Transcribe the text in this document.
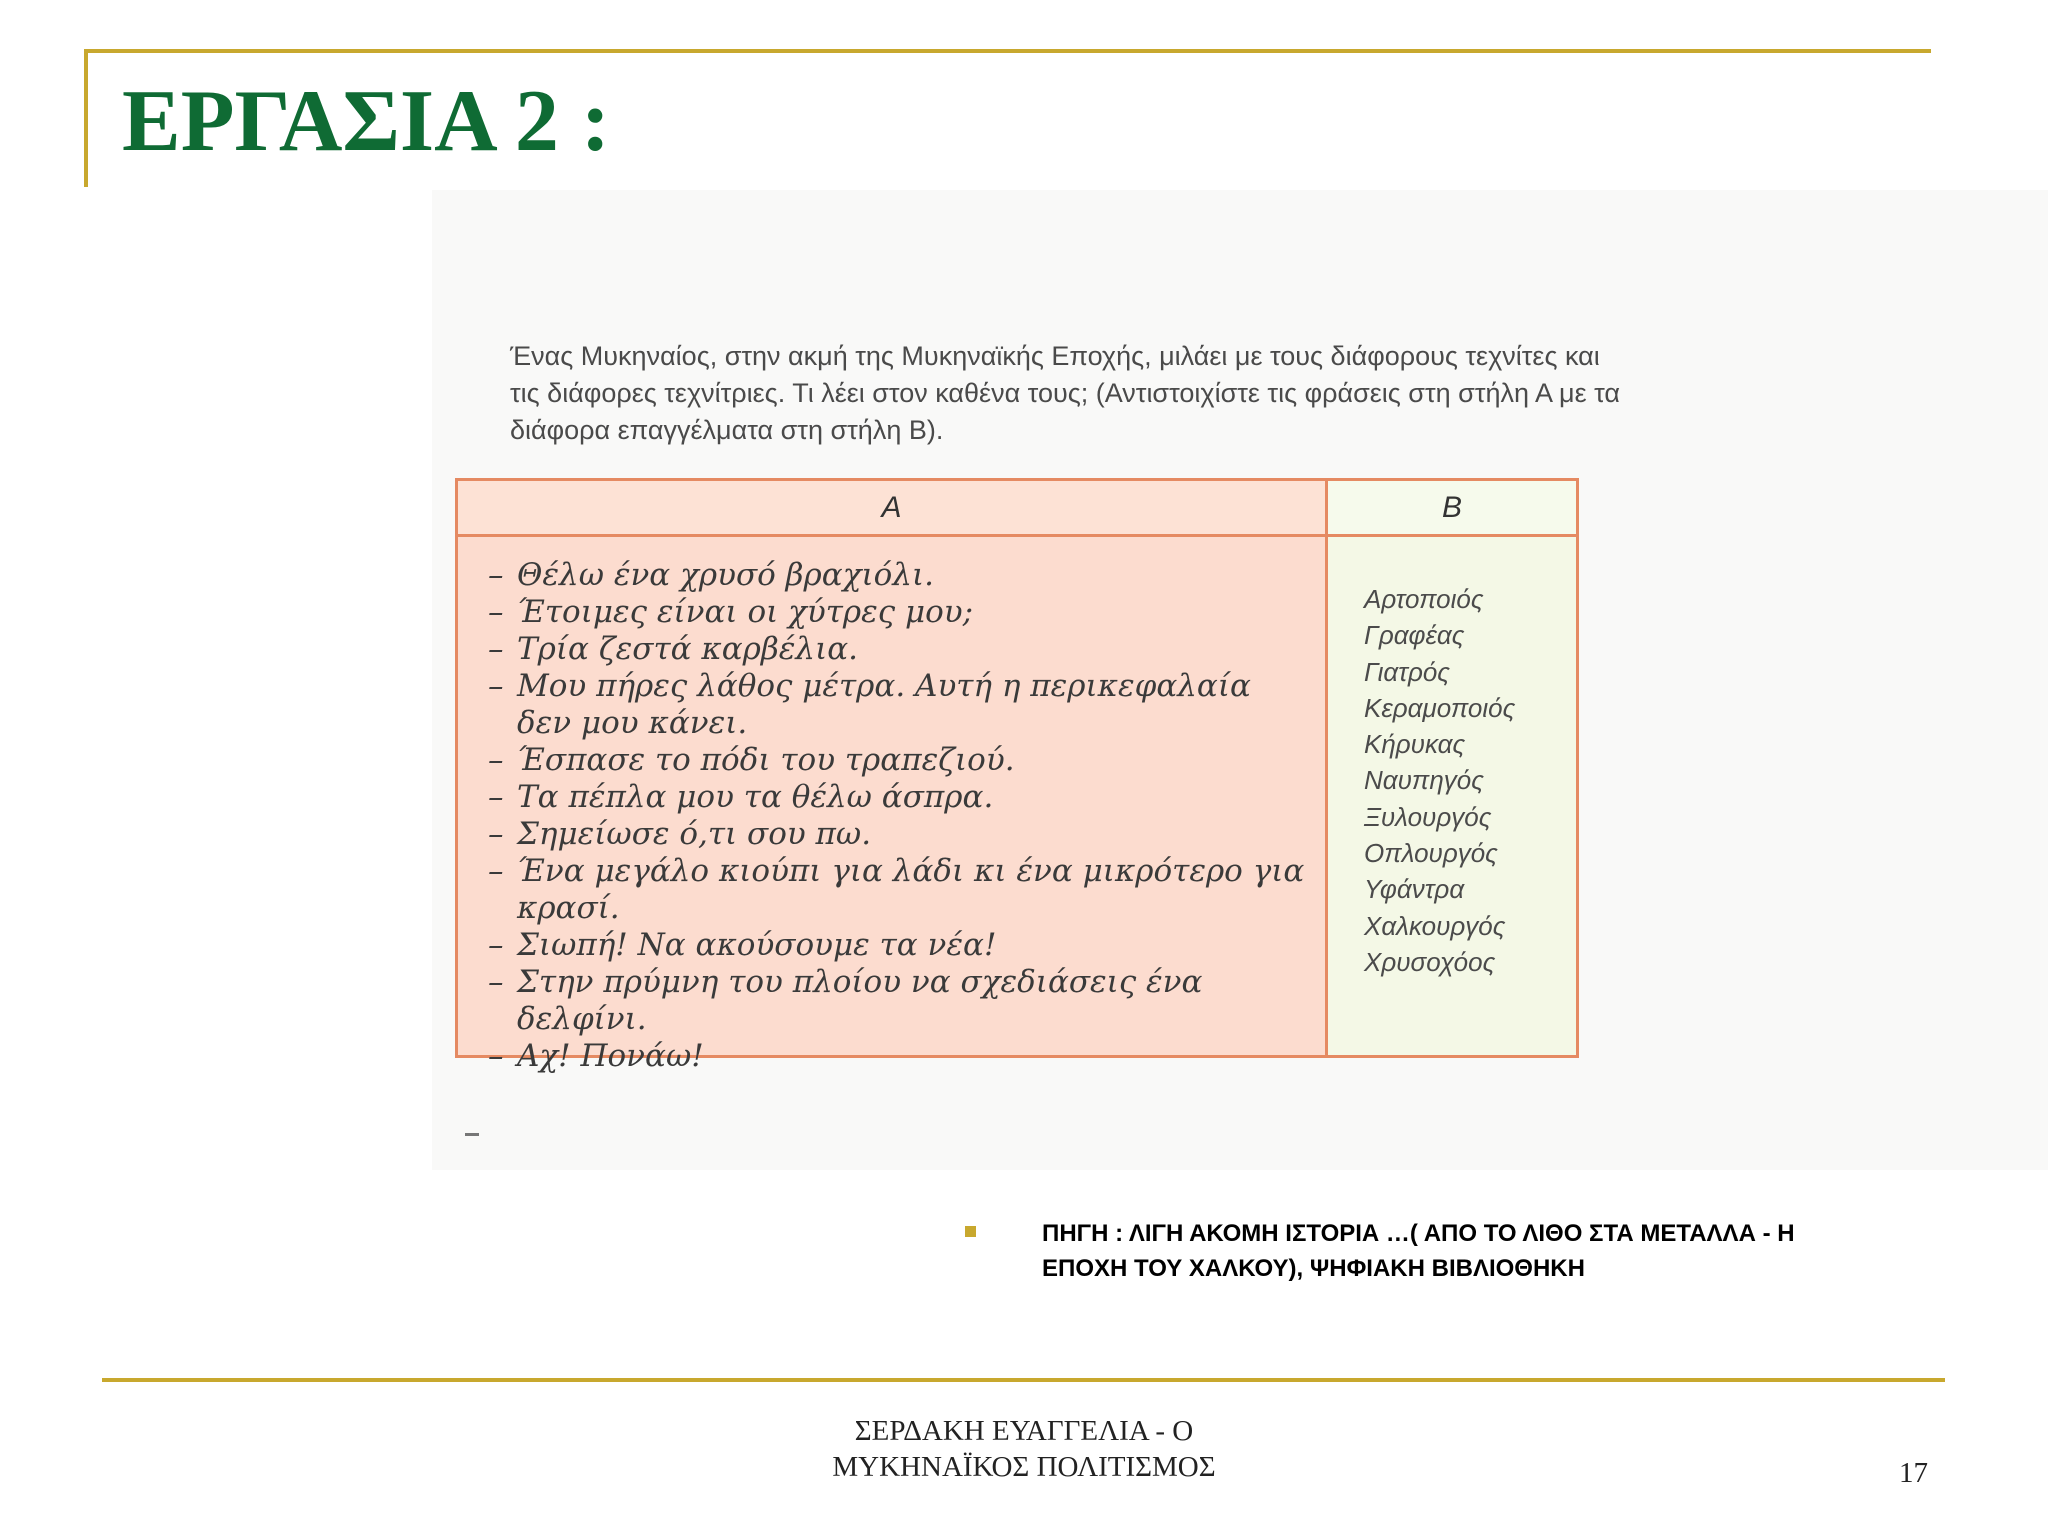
ΕΡΓΑΣΙΑ 2 :
Ένας Μυκηναίος, στην ακμή της Μυκηναϊκής Εποχής, μιλάει με τους διάφορους τεχνίτες και τις διάφορες τεχνίτριες. Τι λέει στον καθένα τους; (Αντιστοιχίστε τις φράσεις στη στήλη Α με τα διάφορα επαγγέλματα στη στήλη Β).
Α
– Θέλω ένα χρυσό βραχιόλι.
– Έτοιμες είναι οι χύτρες μου;
– Τρία ζεστά καρβέλια.
– Μου πήρες λάθος μέτρα. Αυτή η περικεφαλαία δεν μου κάνει.
– Έσπασε το πόδι του τραπεζιού.
– Τα πέπλα μου τα θέλω άσπρα.
– Σημείωσε ό,τι σου πω.
– Ένα μεγάλο κιούπι για λάδι κι ένα μικρότερο για κρασί.
– Σιωπή! Να ακούσουμε τα νέα!
– Στην πρύμνη του πλοίου να σχεδιάσεις ένα δελφίνι.
– Αχ! Πονάω!
Β
Αρτοποιός
Γραφέας
Γιατρός
Κεραμοποιός
Κήρυκας
Ναυπηγός
Ξυλουργός
Οπλουργός
Υφάντρα
Χαλκουργός
Χρυσοχόος
ΠΗΓΗ : ΛΙΓΗ ΑΚΟΜΗ ΙΣΤΟΡΙΑ …( ΑΠΟ ΤΟ ΛΙΘΟ ΣΤΑ ΜΕΤΑΛΛΑ - Η
ΕΠΟΧΗ ΤΟΥ ΧΑΛΚΟΥ), ΨΗΦΙΑΚΗ ΒΙΒΛΙΟΘΗΚΗ
ΣΕΡΔΑΚΗ ΕΥΑΓΓΕΛΙΑ - Ο
ΜΥΚΗΝΑΪΚΟΣ ΠΟΛΙΤΙΣΜΟΣ	17
